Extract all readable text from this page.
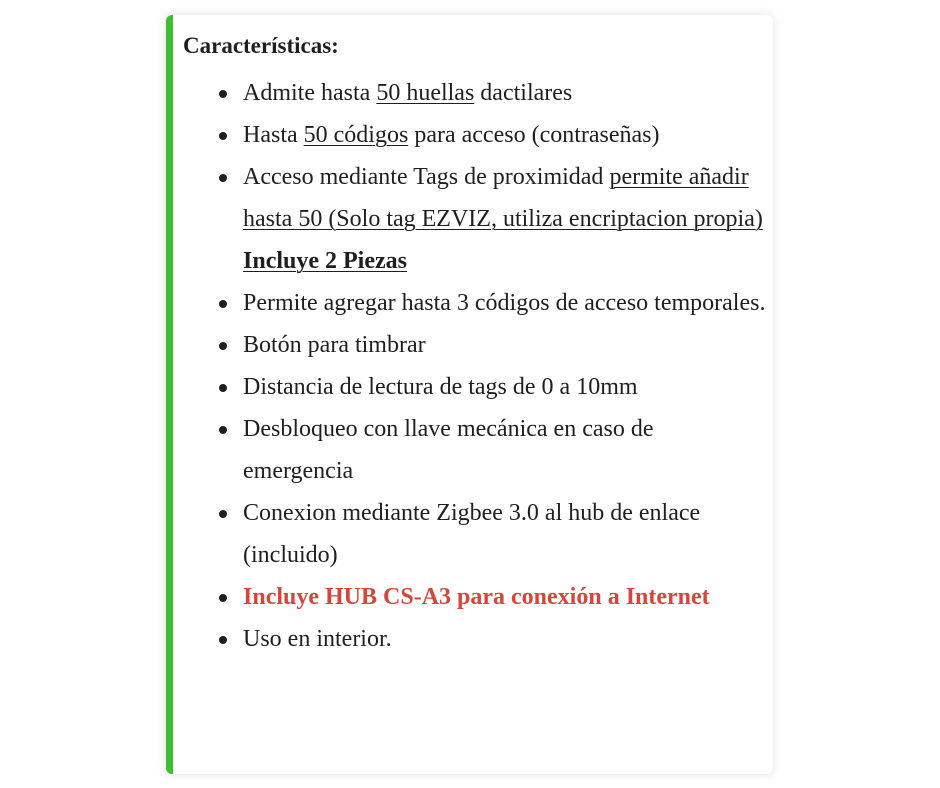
Características:

Admite hasta 50 huellas dactilares
Hasta 50 códigos para acceso (contraseñas)
Acceso mediante Tags de proximidad permite añadir hasta 50 (Solo tag EZVIZ, utiliza encriptacion propia) Incluye 2 Piezas
Permite agregar hasta 3 códigos de acceso temporales.
Botón para timbrar
Distancia de lectura de tags de 0 a 10mm
Desbloqueo con llave mecánica en caso de emergencia
Conexion mediante Zigbee 3.0 al hub de enlace (incluido)
Incluye HUB CS-A3 para conexión a Internet
Uso en interior.
